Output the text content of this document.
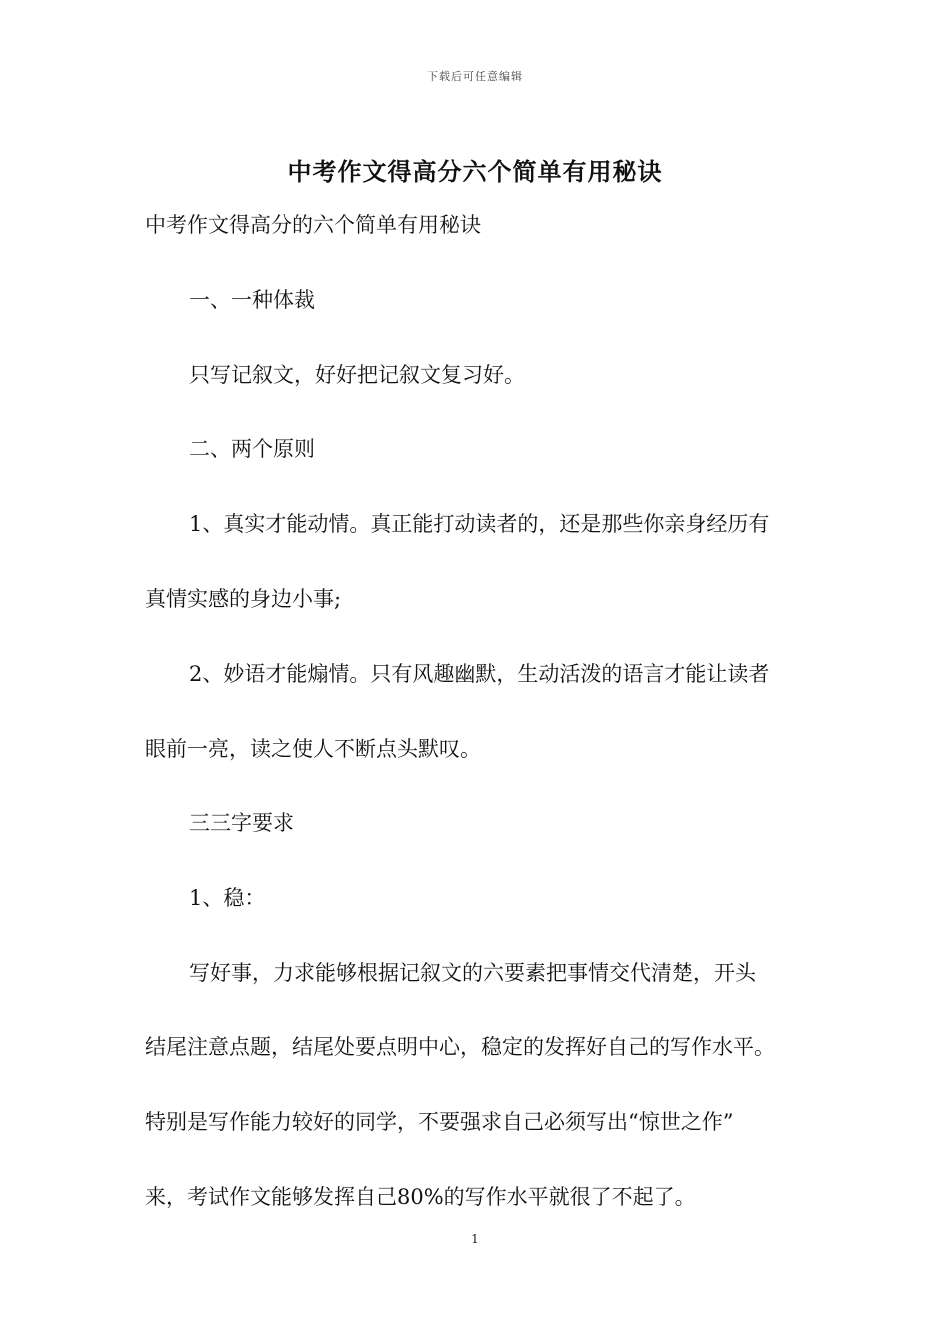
下载后可任意编辑
中考作文得高分六个简单有用秘诀
中考作文得高分的六个简单有用秘诀
一、一种体裁
只写记叙文，好好把记叙文复习好。
二、两个原则
1、真实才能动情。真正能打动读者的，还是那些你亲身经历有
真情实感的身边小事;
2、妙语才能煽情。只有风趣幽默，生动活泼的语言才能让读者
眼前一亮，读之使人不断点头默叹。
三三字要求
1、稳：
写好事，力求能够根据记叙文的六要素把事情交代清楚，开头
结尾注意点题，结尾处要点明中心，稳定的发挥好自己的写作水平。
特别是写作能力较好的同学，不要强求自己必须写出“惊世之作”
来，考试作文能够发挥自己80%的写作水平就很了不起了。
1
